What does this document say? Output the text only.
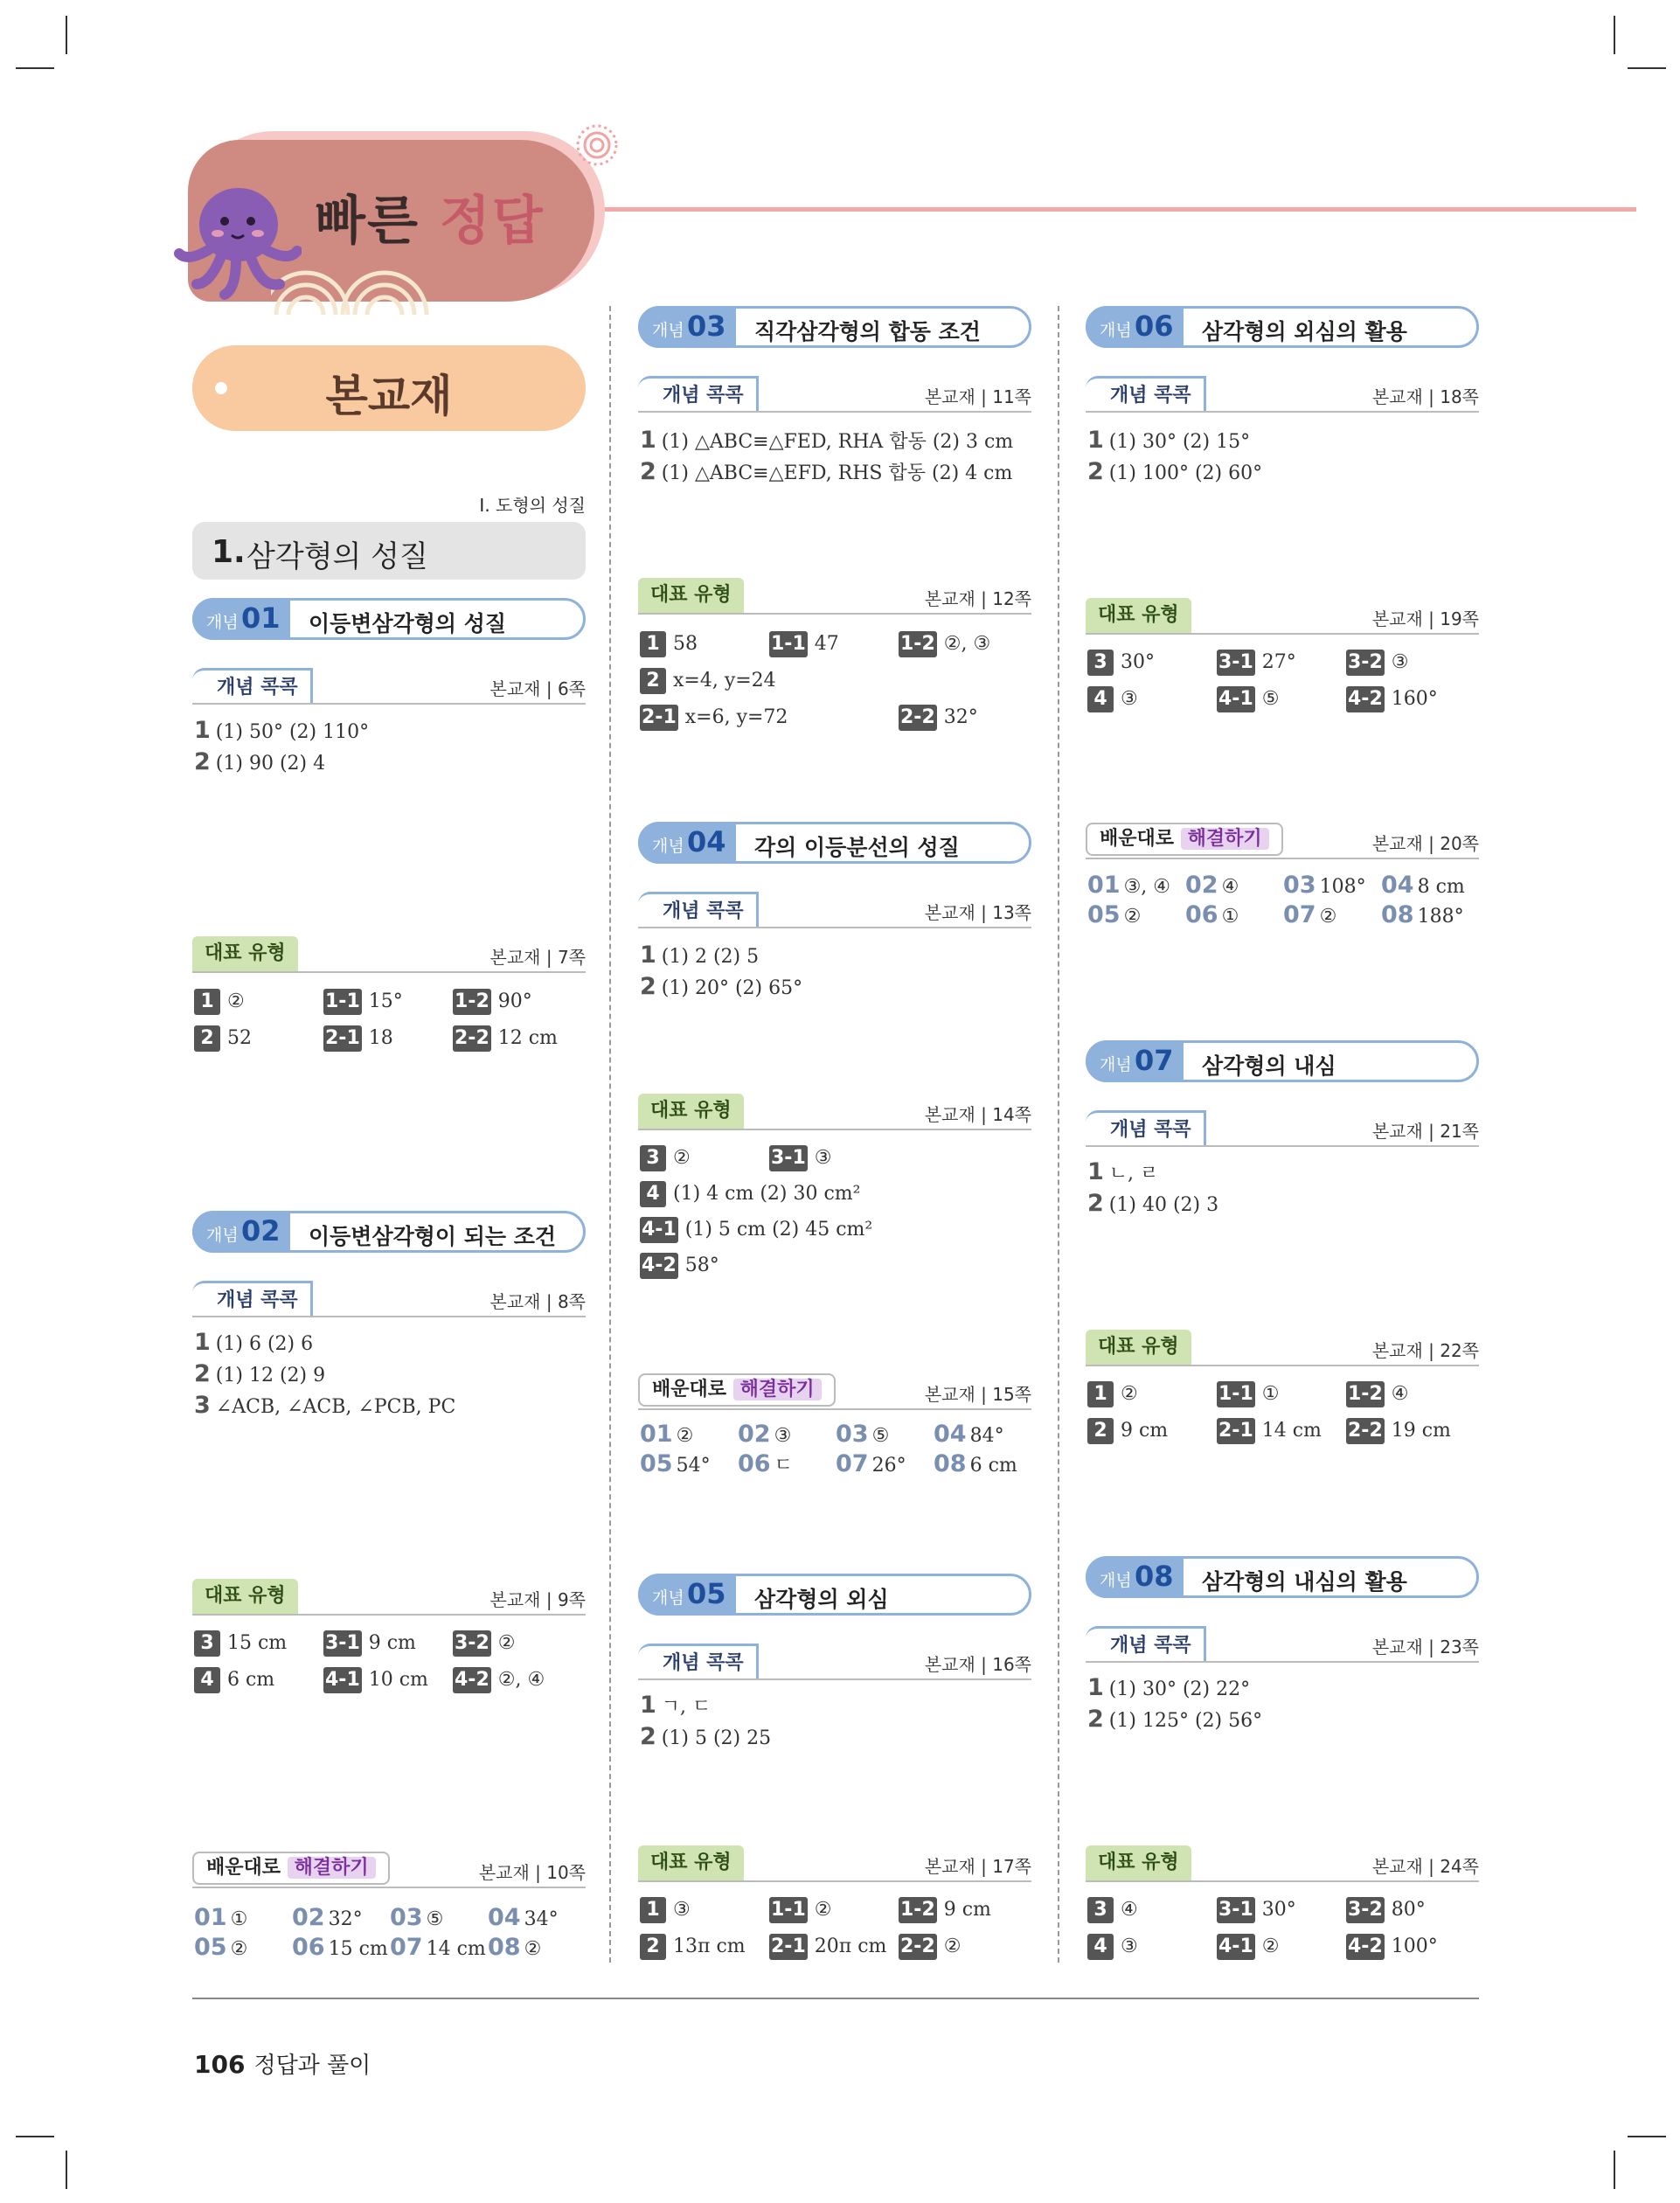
빠른 정답
본교재
I. 도형의 성질
1. 삼각형의 성질
개념 01 이등변삼각형의 성질
개념 콕콕	본교재 | 6쪽
1 (1) 50° (2) 110°
2 (1) 90 (2) 4
대표 유형	본교재 | 7쪽
1 ②	1-1 15°	1-2 90°
2 52	2-1 18	2-2 12 cm
개념 02 이등변삼각형이 되는 조건
개념 콕콕	본교재 | 8쪽
1 (1) 6 (2) 6
2 (1) 12 (2) 9
3 ∠ACB, ∠ACB, ∠PCB, PC
대표 유형	본교재 | 9쪽
3 15 cm 3-1 9 cm 3-2 ②
4 6 cm	4-1 10 cm 4-2 ②, ④
배운대로 해결하기	본교재 | 10쪽
01 ① 02 32° 03 ⑤ 04 34°
05 ② 06 15 cm 07 14 cm 08 ②
개념 03 직각삼각형의 합동 조건
개념 콕콕	본교재 | 11쪽
1 (1) △ABC≡△FED, RHA 합동 (2) 3 cm
2 (1) △ABC≡△EFD, RHS 합동 (2) 4 cm
대표 유형	본교재 | 12쪽
1 58	1-1 47	1-2 ②, ③
2 x=4, y=24
2-1 x=6, y=72	2-2 32°
개념 04 각의 이등분선의 성질
개념 콕콕	본교재 | 13쪽
1 (1) 2 (2) 5
2 (1) 20° (2) 65°
대표 유형	본교재 | 14쪽
3 ②	3-1 ③
4 (1) 4 cm (2) 30 cm²
4-1 (1) 5 cm (2) 45 cm²
4-2 58°
배운대로 해결하기	본교재 | 15쪽
01 ② 02 ③ 03 ⑤ 04 84°
05 54° 06 ㄷ 07 26° 08 6 cm
개념 05 삼각형의 외심
개념 콕콕	본교재 | 16쪽
1 ㄱ, ㄷ
2 (1) 5 (2) 25
대표 유형	본교재 | 17쪽
1 ③	1-1 ②	1-2 9 cm
2 13π cm 2-1 20π cm 2-2 ②
개념 06 삼각형의 외심의 활용
개념 콕콕	본교재 | 18쪽
1 (1) 30° (2) 15°
2 (1) 100° (2) 60°
대표 유형	본교재 | 19쪽
3 30°	3-1 27°	3-2 ③
4 ③	4-1 ⑤	4-2 160°
배운대로 해결하기	본교재 | 20쪽
01 ③, ④ 02 ④ 03 108° 04 8 cm
05 ② 06 ① 07 ② 08 188°
개념 07 삼각형의 내심
개념 콕콕	본교재 | 21쪽
1 ㄴ, ㄹ
2 (1) 40 (2) 3
대표 유형	본교재 | 22쪽
1 ②	1-1 ①	1-2 ④
2 9 cm	2-1 14 cm 2-2 19 cm
개념 08 삼각형의 내심의 활용
개념 콕콕	본교재 | 23쪽
1 (1) 30° (2) 22°
2 (1) 125° (2) 56°
대표 유형	본교재 | 24쪽
3 ④	3-1 30°	3-2 80°
4 ③	4-1 ②	4-2 100°
106 정답과 풀이
